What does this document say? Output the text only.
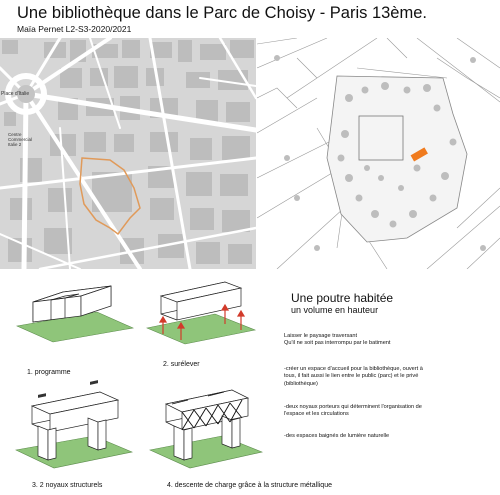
Une bibliothèque dans le Parc de Choisy - Paris 13ème.
Maïa Pernet L2-S3-2020/2021
Place d'Italie
Centre Commercial Italie 2
Une poutre habitée
un volume en hauteur
Laisser le paysage traversant
Qu'il ne soit pas interrompu par le batiment
-créer un espace d'accueil pour la bibliothèque, ouvert à tous, il fait aussi le lien entre le public (parc) et le privé (bibliothèque)
-deux noyaux porteurs qui déterminent l'organisation de l'espace et les circulations
-des espaces baignés de lumière naturelle
1. programme
2. surélever
3. 2 noyaux structurels	4. descente de charge grâce à la structure métallique
